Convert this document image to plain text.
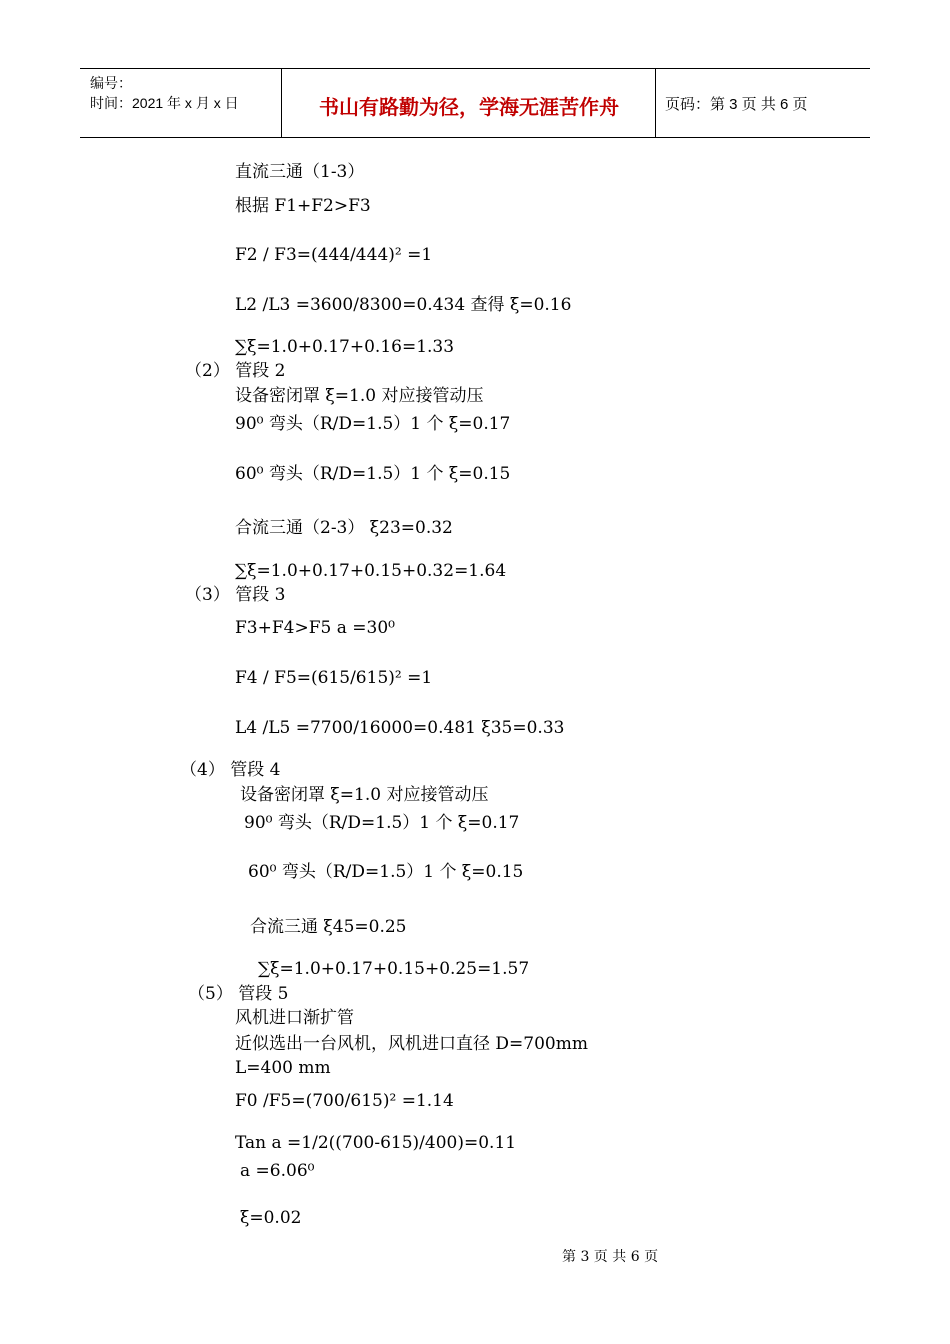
编号：
时间：2021 年 x 月 x 日	书山有路勤为径，学海无涯苦作舟	页码：第 3 页 共 6 页
直流三通（1-3）
根据 F1+F2>F3
F2 / F3=(444/444)² =1
L2 /L3 =3600/8300=0.434 查得 ξ=0.16
∑ξ=1.0+0.17+0.16=1.33
（2） 管段 2
设备密闭罩 ξ=1.0 对应接管动压
90⁰ 弯头（R/D=1.5）1 个 ξ=0.17
60⁰ 弯头（R/D=1.5）1 个 ξ=0.15
合流三通（2-3） ξ23=0.32
∑ξ=1.0+0.17+0.15+0.32=1.64
（3） 管段 3
F3+F4>F5 a =30⁰
F4 / F5=(615/615)² =1
L4 /L5 =7700/16000=0.481 ξ35=0.33
（4） 管段 4
设备密闭罩 ξ=1.0 对应接管动压
90⁰ 弯头（R/D=1.5）1 个 ξ=0.17
60⁰ 弯头（R/D=1.5）1 个 ξ=0.15
合流三通 ξ45=0.25
∑ξ=1.0+0.17+0.15+0.25=1.57
（5） 管段 5
风机进口渐扩管
近似选出一台风机，风机进口直径 D=700mm
L=400 mm
F0 /F5=(700/615)² =1.14
Tan a =1/2((700-615)/400)=0.11
a =6.06⁰
ξ=0.02
第 3 页 共 6 页
